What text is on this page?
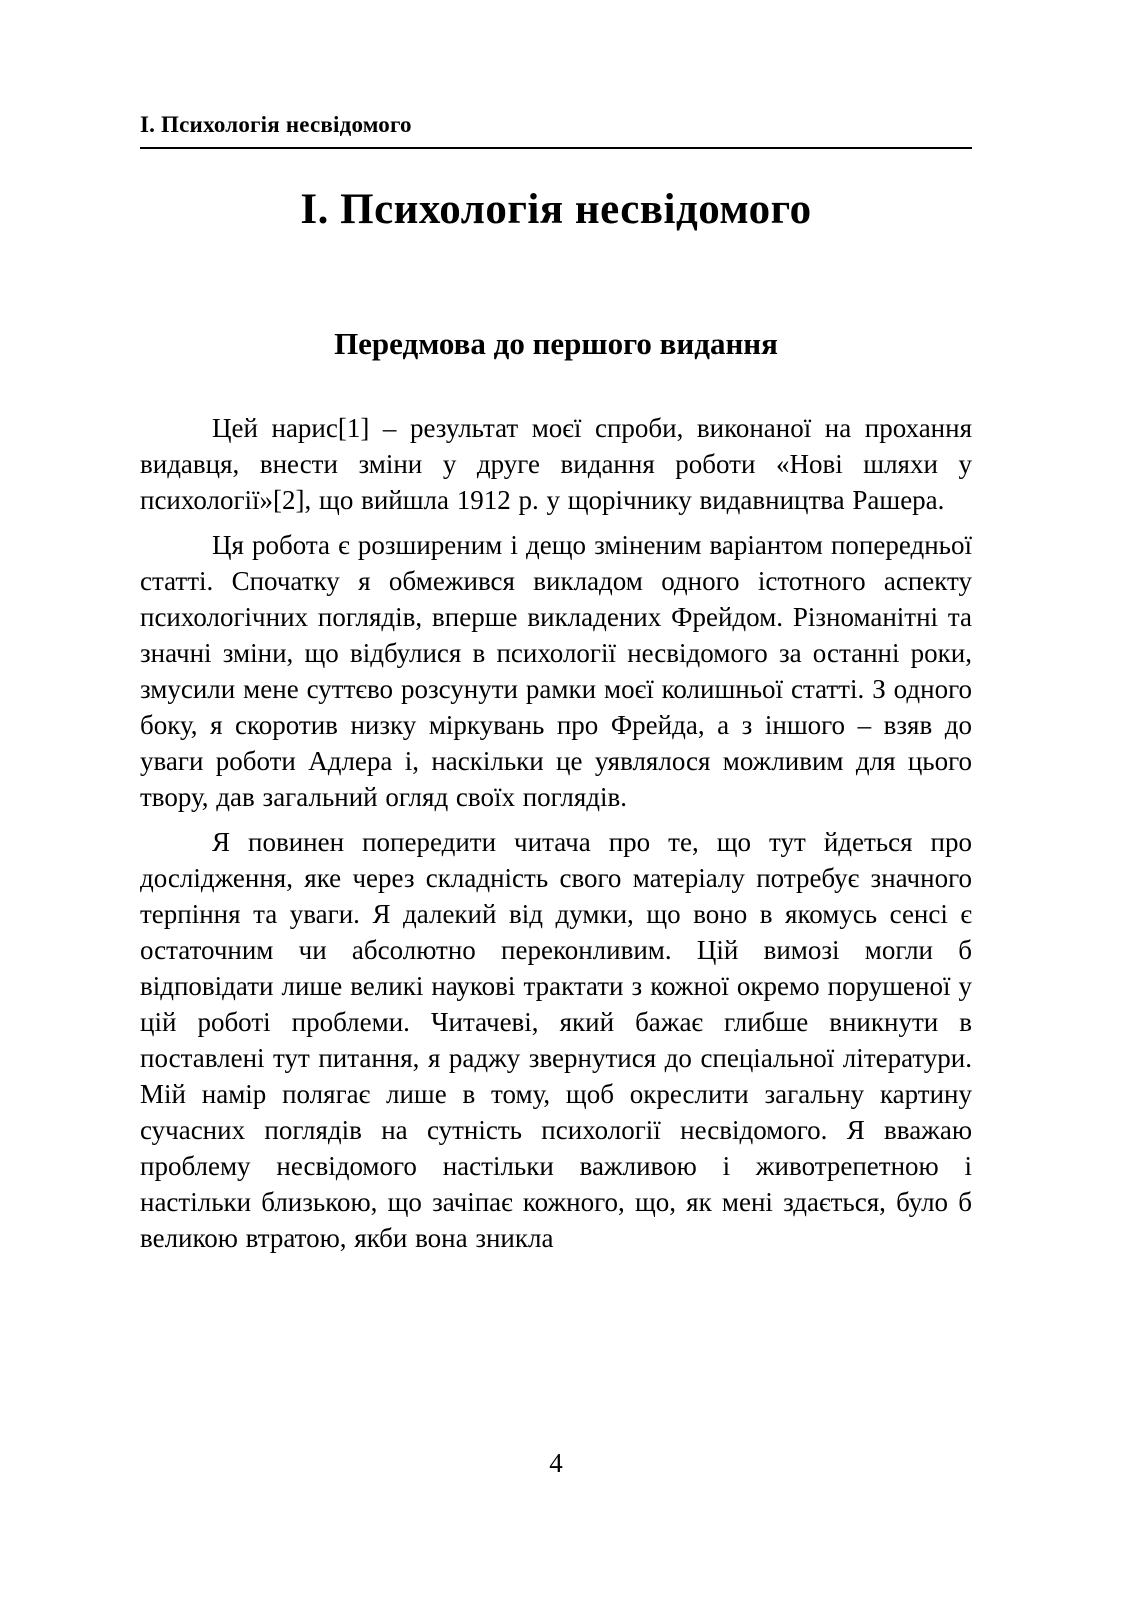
І. Психологія несвідомого
І. Психологія несвідомого
Передмова до першого видання

Цей нарис[1] – результат моєї спроби, виконаної на прохання видавця, внести зміни у друге видання роботи «Нові шляхи у психології»[2], що вийшла 1912 р. у щорічнику видавництва Рашера.

Ця робота є розширеним і дещо зміненим варіантом попередньої статті. Спочатку я обмежився викладом одного істотного аспекту психологічних поглядів, вперше викладених Фрейдом. Різноманітні та значні зміни, що відбулися в психології несвідомого за останні роки, змусили мене суттєво розсунути рамки моєї колишньої статті. З одного боку, я скоротив низку міркувань про Фрейда, а з іншого – взяв до уваги роботи Адлера і, наскільки це уявлялося можливим для цього твору, дав загальний огляд своїх поглядів.

Я повинен попередити читача про те, що тут йдеться про дослідження, яке через складність свого матеріалу потребує значного терпіння та уваги. Я далекий від думки, що воно в якомусь сенсі є остаточним чи абсолютно переконливим. Цій вимозі могли б відповідати лише великі наукові трактати з кожної окремо порушеної у цій роботі проблеми. Читачеві, який бажає глибше вникнути в поставлені тут питання, я раджу звернутися до спеціальної літератури. Мій намір полягає лише в тому, щоб окреслити загальну картину сучасних поглядів на сутність психології несвідомого. Я вважаю проблему несвідомого настільки важливою і животрепетною і настільки близькою, що зачіпає кожного, що, як мені здається, було б великою втратою, якби вона зникла

4
